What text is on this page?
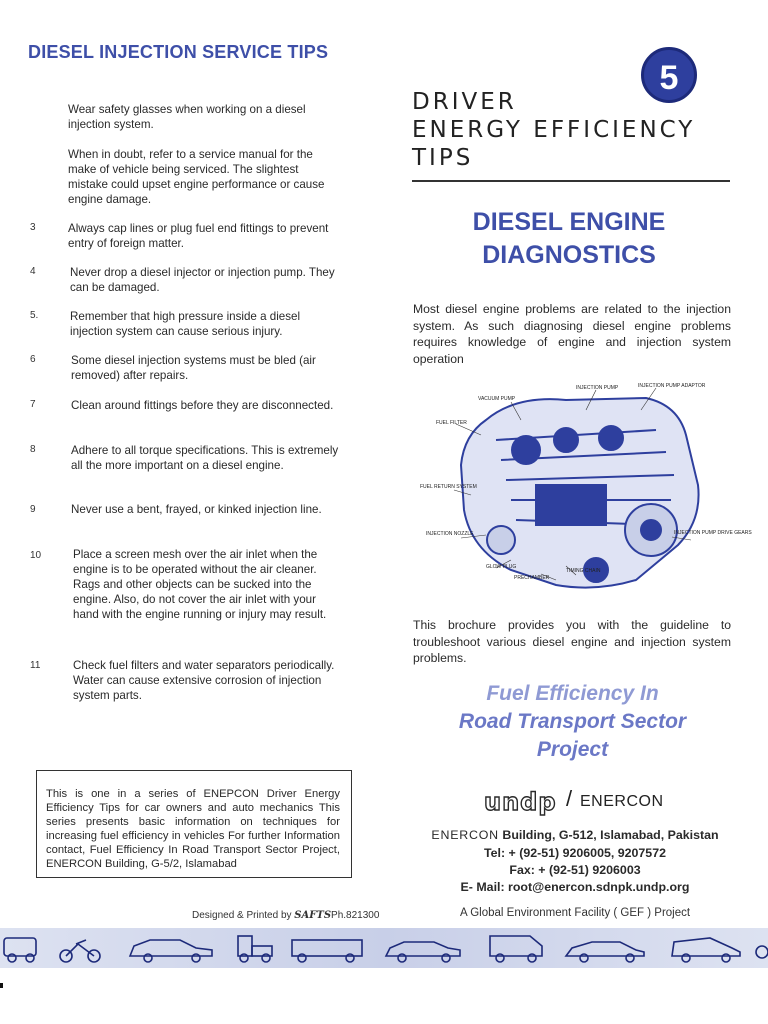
DIESEL INJECTION SERVICE TIPS
Wear safety glasses when working on a diesel injection system.
When in doubt, refer to a service manual for the make of vehicle being serviced. The slightest mistake could upset engine performance or cause engine damage.
3	Always cap lines or plug fuel end fittings to prevent entry of foreign matter.
4	Never drop a diesel injector or injection pump. They can be damaged.
5.	Remember that high pressure inside a diesel injection system can cause serious injury.
6	Some diesel injection systems must be bled (air removed) after repairs.
7	Clean around fittings before they are disconnected.
8	Adhere to all torque specifications. This is extremely all the more important on a diesel engine.
9	Never use a bent, frayed, or kinked injection line.
10	Place a screen mesh over the air inlet when the engine is to be operated without the air cleaner. Rags and other objects can be sucked into the engine. Also, do not cover the air inlet with your hand with the engine running or injury may result.
11	Check fuel filters and water separators periodically. Water can cause extensive corrosion of injection system parts.
This is one in a series of ENEPCON Driver Energy Efficiency Tips for car owners and auto mechanics This series presents basic information on techniques for increasing fuel efficiency in vehicles For further Information contact, Fuel Efficiency In Road Transport Sector Project, ENERCON Building, G-5/2, Islamabad
Designed & Printed by SAFTSPh.821300
5
DRIVER
ENERGY EFFICIENCY
TIPS
DIESEL ENGINE
DIAGNOSTICS
Most diesel engine problems are related to the injection system. As such diagnosing diesel engine problems requires knowledge of engine and injection system operation
VACUUM PUMP
INJECTION PUMP	INJECTION PUMP ADAPTOR
FUEL FILTER
FUEL RETURN SYSTEM
INJECTION NOZZLE
GLOW PLUG
PRECHAMBER
TIMING CHAIN
INJECTION PUMP DRIVE GEARS
This brochure provides you with the guideline to troubleshoot various diesel engine and injection system problems.
Fuel Efficiency In
Road Transport Sector
Project
undp / ENERCON
ENERCON Building, G-512, Islamabad, Pakistan
Tel: + (92-51) 9206005, 9207572
Fax: + (92-51) 9206003
E- Mail: root@enercon.sdnpk.undp.org
A Global Environment Facility ( GEF ) Project
